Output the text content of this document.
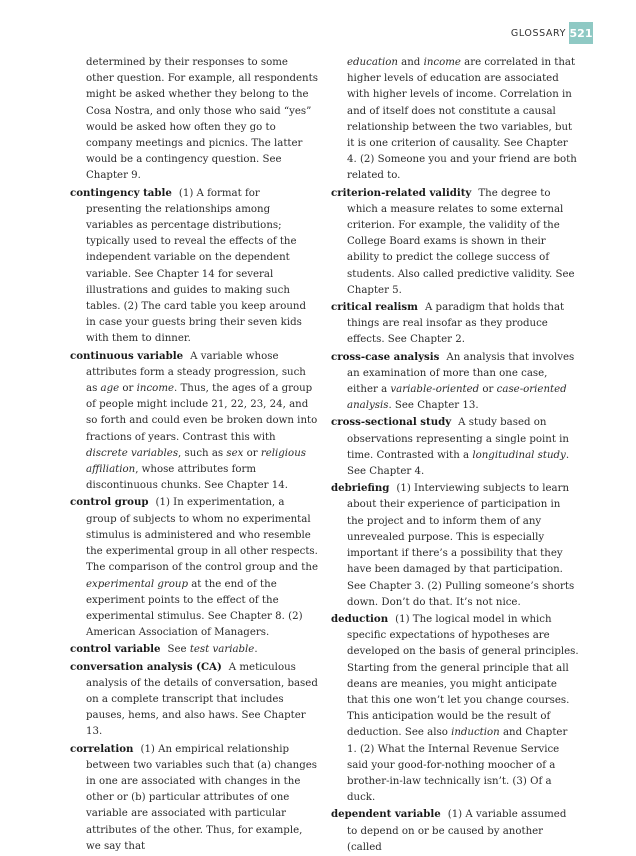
GLOSSARY 521
determined by their responses to some other question. For example, all respondents might be asked whether they belong to the Cosa Nostra, and only those who said “yes” would be asked how often they go to company meetings and picnics. The latter would be a contingency question. See Chapter 9.
contingency table (1) A format for presenting the relationships among variables as percentage distributions; typically used to reveal the effects of the independent variable on the dependent variable. See Chapter 14 for several illustrations and guides to making such tables. (2) The card table you keep around in case your guests bring their seven kids with them to dinner.
continuous variable A variable whose attributes form a steady progression, such as age or income. Thus, the ages of a group of people might include 21, 22, 23, 24, and so forth and could even be broken down into fractions of years. Contrast this with discrete variables, such as sex or religious affiliation, whose attributes form discontinuous chunks. See Chapter 14.
control group (1) In experimentation, a group of subjects to whom no experimental stimulus is administered and who resemble the experimental group in all other respects. The comparison of the control group and the experimental group at the end of the experiment points to the effect of the experimental stimulus. See Chapter 8. (2) American Association of Managers.
control variable See test variable.
conversation analysis (CA) A meticulous analysis of the details of conversation, based on a complete transcript that includes pauses, hems, and also haws. See Chapter 13.
correlation (1) An empirical relationship between two variables such that (a) changes in one are associated with changes in the other or (b) particular attributes of one variable are associated with particular attributes of the other. Thus, for example, we say that
education and income are correlated in that higher levels of education are associated with higher levels of income. Correlation in and of itself does not constitute a causal relationship between the two variables, but it is one criterion of causality. See Chapter 4. (2) Someone you and your friend are both related to.
criterion-related validity The degree to which a measure relates to some external criterion. For example, the validity of the College Board exams is shown in their ability to predict the college success of students. Also called predictive validity. See Chapter 5.
critical realism A paradigm that holds that things are real insofar as they produce effects. See Chapter 2.
cross-case analysis An analysis that involves an examination of more than one case, either a variable-oriented or case-oriented analysis. See Chapter 13.
cross-sectional study A study based on observations representing a single point in time. Contrasted with a longitudinal study. See Chapter 4.
debriefing (1) Interviewing subjects to learn about their experience of participation in the project and to inform them of any unrevealed purpose. This is especially important if there’s a possibility that they have been damaged by that participation. See Chapter 3. (2) Pulling someone’s shorts down. Don’t do that. It’s not nice.
deduction (1) The logical model in which specific expectations of hypotheses are developed on the basis of general principles. Starting from the general principle that all deans are meanies, you might anticipate that this one won’t let you change courses. This anticipation would be the result of deduction. See also induction and Chapter 1. (2) What the Internal Revenue Service said your good-for-nothing moocher of a brother-in-law technically isn’t. (3) Of a duck.
dependent variable (1) A variable assumed to depend on or be caused by another (called
